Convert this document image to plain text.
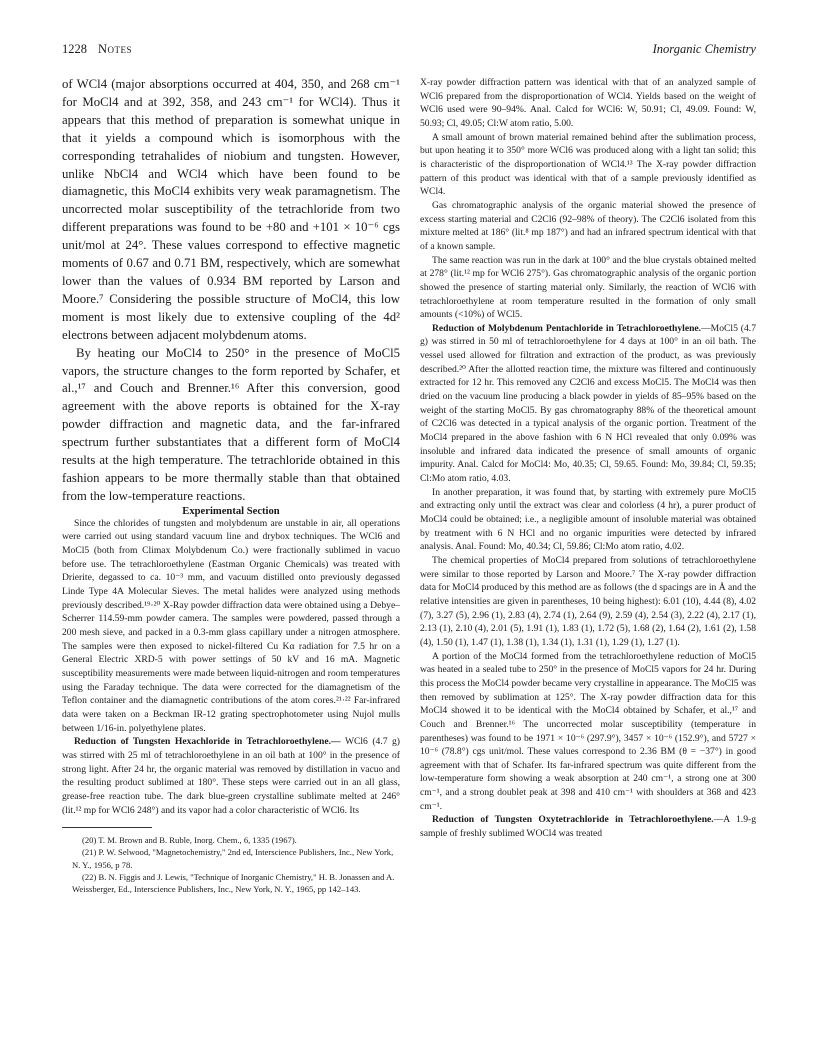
1228 Notes	Inorganic Chemistry

of WCl4 (major absorptions occurred at 404, 350, and 268 cm⁻¹ for MoCl4 and at 392, 358, and 243 cm⁻¹ for WCl4). Thus it appears that this method of preparation is somewhat unique in that it yields a compound which is isomorphous with the corresponding tetrahalides of niobium and tungsten. However, unlike NbCl4 and WCl4 which have been found to be diamagnetic, this MoCl4 exhibits very weak paramagnetism. The uncorrected molar susceptibility of the tetrachloride from two different preparations was found to be +80 and +101 × 10⁻⁶ cgs unit/mol at 24°. These values correspond to effective magnetic moments of 0.67 and 0.71 BM, respectively, which are somewhat lower than the values of 0.934 BM reported by Larson and Moore.⁷ Considering the possible structure of MoCl4, this low moment is most likely due to extensive coupling of the 4d² electrons between adjacent molybdenum atoms.

By heating our MoCl4 to 250° in the presence of MoCl5 vapors, the structure changes to the form reported by Schafer, et al.,¹⁷ and Couch and Brenner.¹⁶ After this conversion, good agreement with the above reports is obtained for the X-ray powder diffraction and magnetic data, and the far-infrared spectrum further substantiates that a different form of MoCl4 results at the high temperature. The tetrachloride obtained in this fashion appears to be more thermally stable than that obtained from the low-temperature reactions.

Experimental Section

Since the chlorides of tungsten and molybdenum are unstable in air, all operations were carried out using standard vacuum line and drybox techniques. The WCl6 and MoCl5 (both from Climax Molybdenum Co.) were fractionally sublimed in vacuo before use. The tetrachloroethylene (Eastman Organic Chemicals) was treated with Drierite, degassed to ca. 10⁻³ mm, and vacuum distilled onto previously degassed Linde Type 4A Molecular Sieves. The metal halides were analyzed using methods previously described.¹⁹·²⁰ X-Ray powder diffraction data were obtained using a Debye–Scherrer 114.59-mm powder camera. The samples were powdered, passed through a 200 mesh sieve, and packed in a 0.3-mm glass capillary under a nitrogen atmosphere. The samples were then exposed to nickel-filtered Cu Kα radiation for 7.5 hr on a General Electric XRD-5 with power settings of 50 kV and 16 mA. Magnetic susceptibility measurements were made between liquid-nitrogen and room temperatures using the Faraday technique. The data were corrected for the diamagnetism of the Teflon container and the diamagnetic contributions of the atom cores.²¹·²² Far-infrared data were taken on a Beckman IR-12 grating spectrophotometer using Nujol mulls between 1/16-in. polyethylene plates.

Reduction of Tungsten Hexachloride in Tetrachloroethylene.— WCl6 (4.7 g) was stirred with 25 ml of tetrachloroethylene in an oil bath at 100° in the presence of strong light. After 24 hr, the organic material was removed by distillation in vacuo and the resulting product sublimed at 180°. These steps were carried out in an all glass, grease-free reaction tube. The dark blue-green crystalline sublimate melted at 246° (lit.¹² mp for WCl6 248°) and its vapor had a color characteristic of WCl6. Its

(20) T. M. Brown and B. Ruble, Inorg. Chem., 6, 1335 (1967).

(21) P. W. Selwood, "Magnetochemistry," 2nd ed, Interscience Publishers, Inc., New York, N. Y., 1956, p 78.

(22) B. N. Figgis and J. Lewis, "Technique of Inorganic Chemistry," H. B. Jonassen and A. Weissberger, Ed., Interscience Publishers, Inc., New York, N. Y., 1965, pp 142–143.

X-ray powder diffraction pattern was identical with that of an analyzed sample of WCl6 prepared from the disproportionation of WCl4. Yields based on the weight of WCl6 used were 90–94%. Anal. Calcd for WCl6: W, 50.91; Cl, 49.09. Found: W, 50.93; Cl, 49.05; Cl:W atom ratio, 5.00.

A small amount of brown material remained behind after the sublimation process, but upon heating it to 350° more WCl6 was produced along with a light tan solid; this is characteristic of the disproportionation of WCl4.¹³ The X-ray powder diffraction pattern of this product was identical with that of a sample previously identified as WCl4.

Gas chromatographic analysis of the organic material showed the presence of excess starting material and C2Cl6 (92–98% of theory). The C2Cl6 isolated from this mixture melted at 186° (lit.⁸ mp 187°) and had an infrared spectrum identical with that of a known sample.

The same reaction was run in the dark at 100° and the blue crystals obtained melted at 278° (lit.¹² mp for WCl6 275°). Gas chromatographic analysis of the organic portion showed the presence of starting material only. Similarly, the reaction of WCl6 with tetrachloroethylene at room temperature resulted in the formation of only small amounts (<10%) of WCl5.

Reduction of Molybdenum Pentachloride in Tetrachloroethylene.—MoCl5 (4.7 g) was stirred in 50 ml of tetrachloroethylene for 4 days at 100° in an oil bath. The vessel used allowed for filtration and extraction of the product, as was previously described.²⁰ After the allotted reaction time, the mixture was filtered and continuously extracted for 12 hr. This removed any C2Cl6 and excess MoCl5. The MoCl4 was then dried on the vacuum line producing a black powder in yields of 85–95% based on the weight of the starting MoCl5. By gas chromatography 88% of the theoretical amount of C2Cl6 was detected in a typical analysis of the organic portion. Treatment of the MoCl4 prepared in the above fashion with 6 N HCl revealed that only 0.09% was insoluble and infrared data indicated the presence of small amounts of organic impurity. Anal. Calcd for MoCl4: Mo, 40.35; Cl, 59.65. Found: Mo, 39.84; Cl, 59.35; Cl:Mo atom ratio, 4.03.

In another preparation, it was found that, by starting with extremely pure MoCl5 and extracting only until the extract was clear and colorless (4 hr), a purer product of MoCl4 could be obtained; i.e., a negligible amount of insoluble material was obtained by treatment with 6 N HCl and no organic impurities were detected by infrared analysis. Anal. Found: Mo, 40.34; Cl, 59.86; Cl:Mo atom ratio, 4.02.

The chemical properties of MoCl4 prepared from solutions of tetrachloroethylene were similar to those reported by Larson and Moore.⁷ The X-ray powder diffraction data for MoCl4 produced by this method are as follows (the d spacings are in Å and the relative intensities are given in parentheses, 10 being highest): 6.01 (10), 4.44 (8), 4.02 (7), 3.27 (5), 2.96 (1), 2.83 (4), 2.74 (1), 2.64 (9), 2.59 (4), 2.54 (3), 2.22 (4), 2.17 (1), 2.13 (1), 2.10 (4), 2.01 (5), 1.91 (1), 1.83 (1), 1.72 (5), 1.68 (2), 1.64 (2), 1.61 (2), 1.58 (4), 1.50 (1), 1.47 (1), 1.38 (1), 1.34 (1), 1.31 (1), 1.29 (1), 1.27 (1).

A portion of the MoCl4 formed from the tetrachloroethylene reduction of MoCl5 was heated in a sealed tube to 250° in the presence of MoCl5 vapors for 24 hr. During this process the MoCl4 powder became very crystalline in appearance. The MoCl5 was then removed by sublimation at 125°. The X-ray powder diffraction data for this MoCl4 showed it to be identical with the MoCl4 obtained by Schafer, et al.,¹⁷ and Couch and Brenner.¹⁶ The uncorrected molar susceptibility (temperature in parentheses) was found to be 1971 × 10⁻⁶ (297.9°), 3457 × 10⁻⁶ (152.9°), and 5727 × 10⁻⁶ (78.8°) cgs unit/mol. These values correspond to 2.36 BM (θ = −37°) in good agreement with that of Schafer. Its far-infrared spectrum was quite different from the low-temperature form showing a weak absorption at 240 cm⁻¹, a strong one at 300 cm⁻¹, and a strong doublet peak at 398 and 410 cm⁻¹ with shoulders at 368 and 423 cm⁻¹.

Reduction of Tungsten Oxytetrachloride in Tetrachloroethylene.—A 1.9-g sample of freshly sublimed WOCl4 was treated
